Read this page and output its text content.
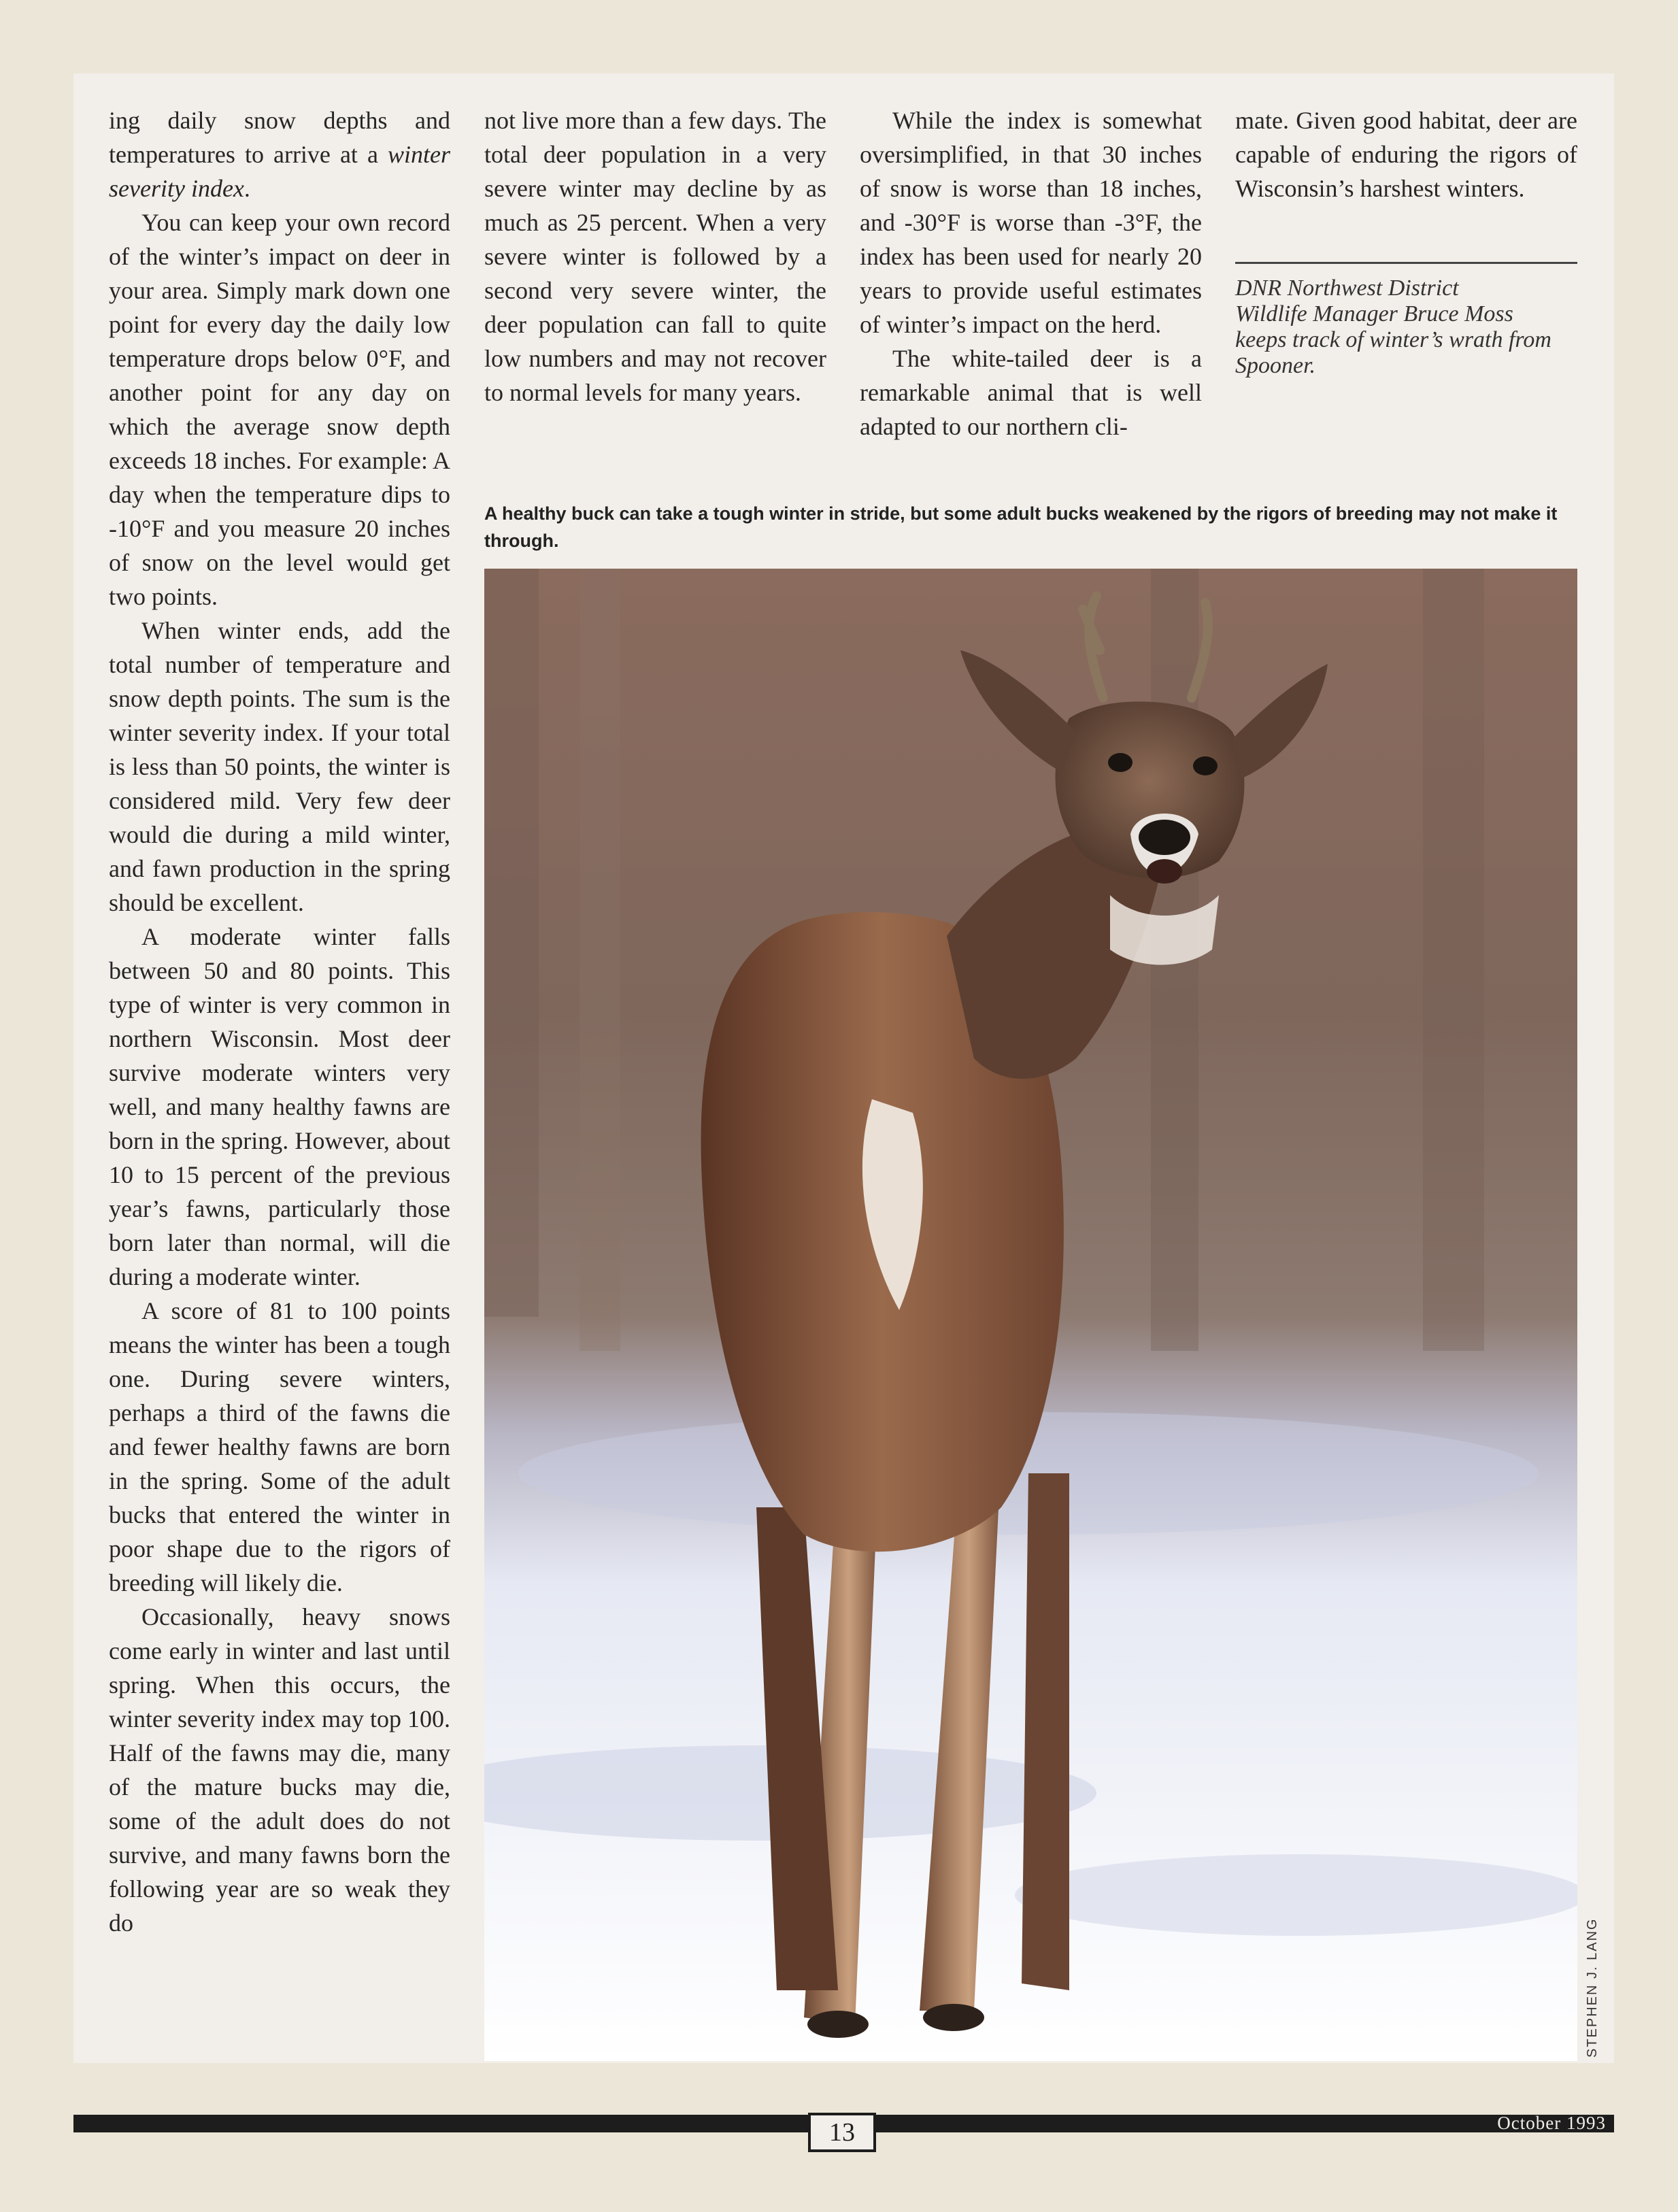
ing daily snow depths and temperatures to arrive at a winter severity index.

You can keep your own record of the winter’s impact on deer in your area. Simply mark down one point for every day the daily low temperature drops below 0°F, and another point for any day on which the average snow depth exceeds 18 inches. For example: A day when the temperature dips to -10°F and you measure 20 inches of snow on the level would get two points.

When winter ends, add the total number of temperature and snow depth points. The sum is the winter severity index. If your total is less than 50 points, the winter is considered mild. Very few deer would die during a mild winter, and fawn production in the spring should be excellent.

A moderate winter falls between 50 and 80 points. This type of winter is very common in northern Wisconsin. Most deer survive moderate winters very well, and many healthy fawns are born in the spring. However, about 10 to 15 percent of the previous year’s fawns, particularly those born later than normal, will die during a moderate winter.

A score of 81 to 100 points means the winter has been a tough one. During severe winters, perhaps a third of the fawns die and fewer healthy fawns are born in the spring. Some of the adult bucks that entered the winter in poor shape due to the rigors of breeding will likely die.

Occasionally, heavy snows come early in winter and last until spring. When this occurs, the winter severity index may top 100. Half of the fawns may die, many of the mature bucks may die, some of the adult does do not survive, and many fawns born the following year are so weak they do

not live more than a few days. The total deer population in a very severe winter may decline by as much as 25 percent. When a very severe winter is followed by a second very severe winter, the deer population can fall to quite low numbers and may not recover to normal levels for many years.

While the index is somewhat oversimplified, in that 30 inches of snow is worse than 18 inches, and -30°F is worse than -3°F, the index has been used for nearly 20 years to provide useful estimates of winter’s impact on the herd.

The white-tailed deer is a remarkable animal that is well adapted to our northern cli-

mate. Given good habitat, deer are capable of enduring the rigors of Wisconsin’s harshest winters.

DNR Northwest District
Wildlife Manager Bruce Moss
keeps track of winter’s wrath from
Spooner.
A healthy buck can take a tough winter in stride, but some adult bucks weakened by the rigors of breeding may not make it through.
STEPHEN J. LANG
13	October 1993
